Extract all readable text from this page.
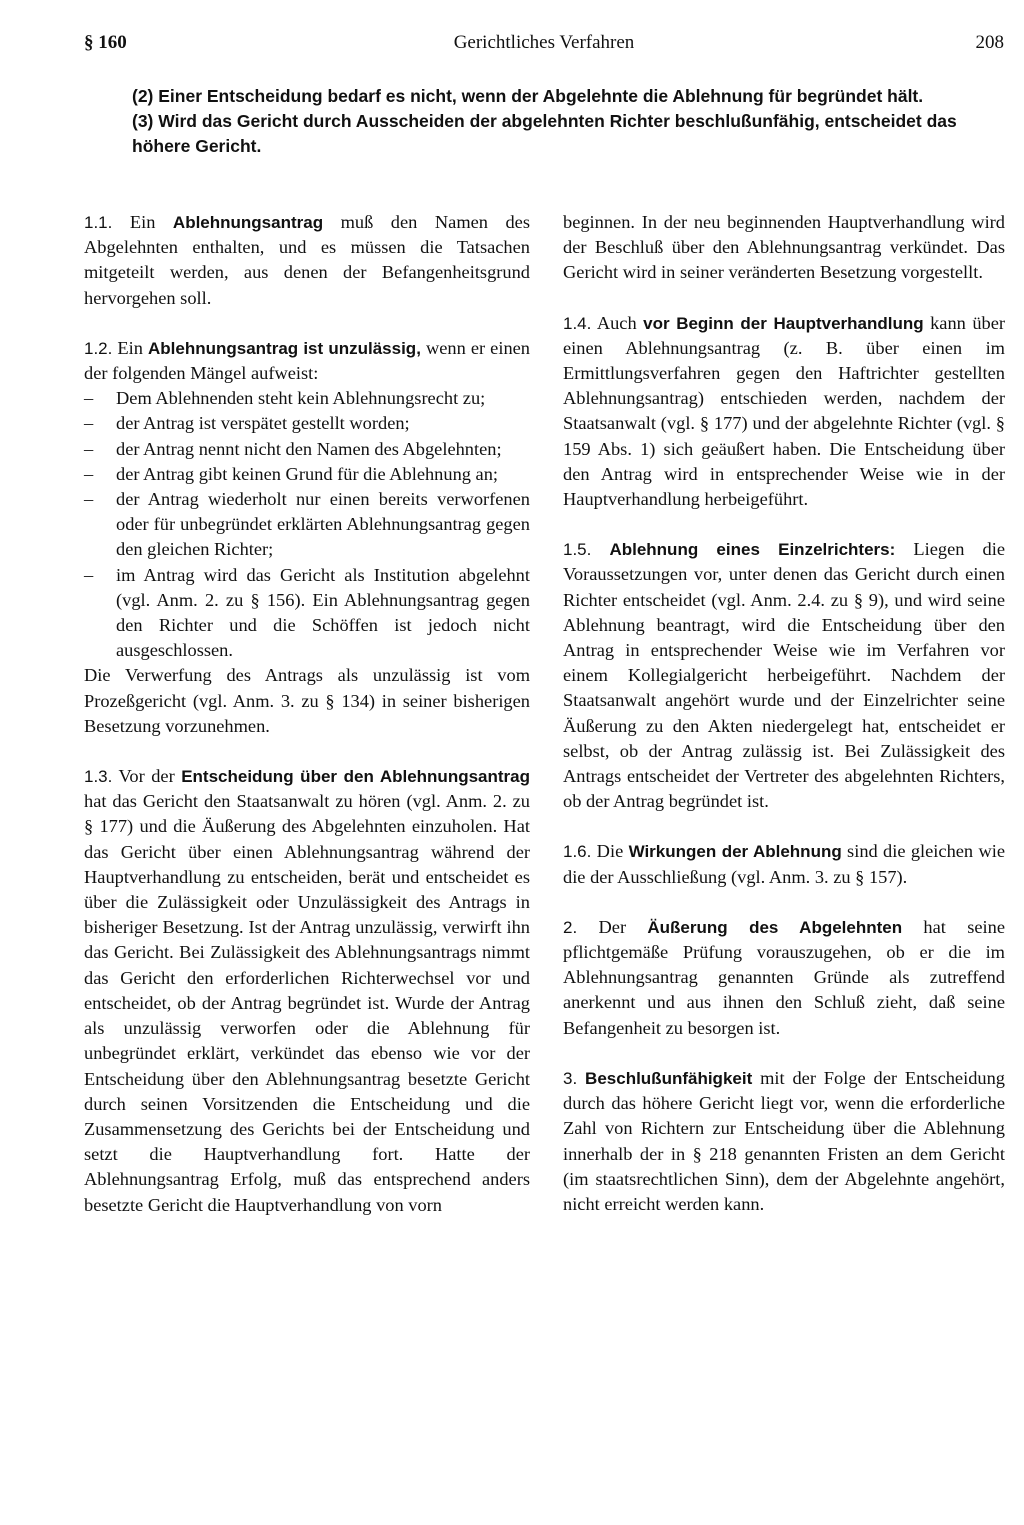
§ 160	Gerichtliches Verfahren	208

(2) Einer Entscheidung bedarf es nicht, wenn der Abgelehnte die Ablehnung für begründet hält.

(3) Wird das Gericht durch Ausscheiden der abgelehnten Richter beschlußunfähig, entscheidet das höhere Gericht.

1.1. Ein Ablehnungsantrag muß den Namen des Abgelehnten enthalten, und es müssen die Tatsachen mitgeteilt werden, aus denen der Befangenheitsgrund hervorgehen soll.

1.2. Ein Ablehnungsantrag ist unzulässig, wenn er einen der folgenden Mängel aufweist:

– Dem Ablehnenden steht kein Ablehnungsrecht zu;
– der Antrag ist verspätet gestellt worden;
– der Antrag nennt nicht den Namen des Abgelehnten;
– der Antrag gibt keinen Grund für die Ablehnung an;
– der Antrag wiederholt nur einen bereits verworfenen oder für unbegründet erklärten Ablehnungsantrag gegen den gleichen Richter;
– im Antrag wird das Gericht als Institution abgelehnt (vgl. Anm. 2. zu § 156). Ein Ablehnungsantrag gegen den Richter und die Schöffen ist jedoch nicht ausgeschlossen.

Die Verwerfung des Antrags als unzulässig ist vom Prozeßgericht (vgl. Anm. 3. zu § 134) in seiner bisherigen Besetzung vorzunehmen.

1.3. Vor der Entscheidung über den Ablehnungsantrag hat das Gericht den Staatsanwalt zu hören (vgl. Anm. 2. zu § 177) und die Äußerung des Abgelehnten einzuholen. Hat das Gericht über einen Ablehnungsantrag während der Hauptverhandlung zu entscheiden, berät und entscheidet es über die Zulässigkeit oder Unzulässigkeit des Antrags in bisheriger Besetzung. Ist der Antrag unzulässig, verwirft ihn das Gericht. Bei Zulässigkeit des Ablehnungsantrags nimmt das Gericht den erforderlichen Richterwechsel vor und entscheidet, ob der Antrag begründet ist. Wurde der Antrag als unzulässig verworfen oder die Ablehnung für unbegründet erklärt, verkündet das ebenso wie vor der Entscheidung über den Ablehnungsantrag besetzte Gericht durch seinen Vorsitzenden die Entscheidung und die Zusammensetzung des Gerichts bei der Entscheidung und setzt die Hauptverhandlung fort. Hatte der Ablehnungsantrag Erfolg, muß das entsprechend anders besetzte Gericht die Hauptverhandlung von vorn

beginnen. In der neu beginnenden Hauptverhandlung wird der Beschluß über den Ablehnungsantrag verkündet. Das Gericht wird in seiner veränderten Besetzung vorgestellt.

1.4. Auch vor Beginn der Hauptverhandlung kann über einen Ablehnungsantrag (z. B. über einen im Ermittlungsverfahren gegen den Haftrichter gestellten Ablehnungsantrag) entschieden werden, nachdem der Staatsanwalt (vgl. § 177) und der abgelehnte Richter (vgl. § 159 Abs. 1) sich geäußert haben. Die Entscheidung über den Antrag wird in entsprechender Weise wie in der Hauptverhandlung herbeigeführt.

1.5. Ablehnung eines Einzelrichters: Liegen die Voraussetzungen vor, unter denen das Gericht durch einen Richter entscheidet (vgl. Anm. 2.4. zu § 9), und wird seine Ablehnung beantragt, wird die Entscheidung über den Antrag in entsprechender Weise wie im Verfahren vor einem Kollegialgericht herbeigeführt. Nachdem der Staatsanwalt angehört wurde und der Einzelrichter seine Äußerung zu den Akten niedergelegt hat, entscheidet er selbst, ob der Antrag zulässig ist. Bei Zulässigkeit des Antrags entscheidet der Vertreter des abgelehnten Richters, ob der Antrag begründet ist.

1.6. Die Wirkungen der Ablehnung sind die gleichen wie die der Ausschließung (vgl. Anm. 3. zu § 157).

2. Der Äußerung des Abgelehnten hat seine pflichtgemäße Prüfung vorauszugehen, ob er die im Ablehnungsantrag genannten Gründe als zutreffend anerkennt und aus ihnen den Schluß zieht, daß seine Befangenheit zu besorgen ist.

3. Beschlußunfähigkeit mit der Folge der Entscheidung durch das höhere Gericht liegt vor, wenn die erforderliche Zahl von Richtern zur Entscheidung über die Ablehnung innerhalb der in § 218 genannten Fristen an dem Gericht (im staatsrechtlichen Sinn), dem der Abgelehnte angehört, nicht erreicht werden kann.
